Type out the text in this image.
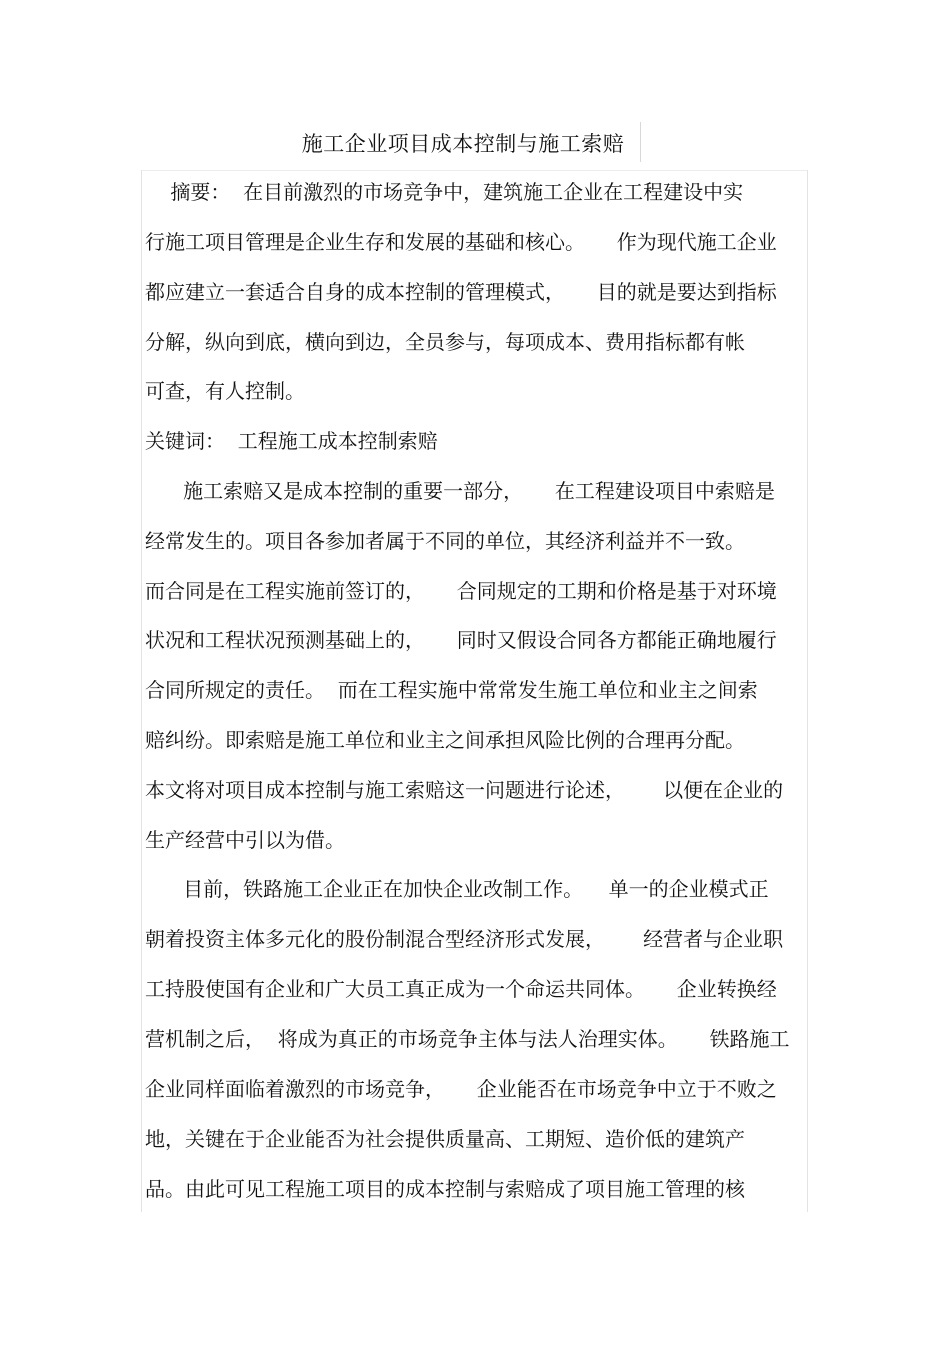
施工企业项目成本控制与施工索赔
摘要：  在目前激烈的市场竞争中，建筑施工企业在工程建设中实
行施工项目管理是企业生存和发展的基础和核心。     作为现代施工企业
都应建立一套适合自身的成本控制的管理模式，     目的就是要达到指标
分解，纵向到底，横向到边，全员参与，每项成本、费用指标都有帐
可查，有人控制。
关键词：  工程施工成本控制索赔
施工索赔又是成本控制的重要一部分，     在工程建设项目中索赔是
经常发生的。项目各参加者属于不同的单位，其经济利益并不一致。
而合同是在工程实施前签订的，     合同规定的工期和价格是基于对环境
状况和工程状况预测基础上的，     同时又假设合同各方都能正确地履行
合同所规定的责任。  而在工程实施中常常发生施工单位和业主之间索
赔纠纷。即索赔是施工单位和业主之间承担风险比例的合理再分配。
本文将对项目成本控制与施工索赔这一问题进行论述，      以便在企业的
生产经营中引以为借。
目前，铁路施工企业正在加快企业改制工作。    单一的企业模式正
朝着投资主体多元化的股份制混合型经济形式发展，      经营者与企业职
工持股使国有企业和广大员工真正成为一个命运共同体。     企业转换经
营机制之后，  将成为真正的市场竞争主体与法人治理实体。     铁路施工
企业同样面临着激烈的市场竞争，     企业能否在市场竞争中立于不败之
地，关键在于企业能否为社会提供质量高、工期短、造价低的建筑产
品。由此可见工程施工项目的成本控制与索赔成了项目施工管理的核
